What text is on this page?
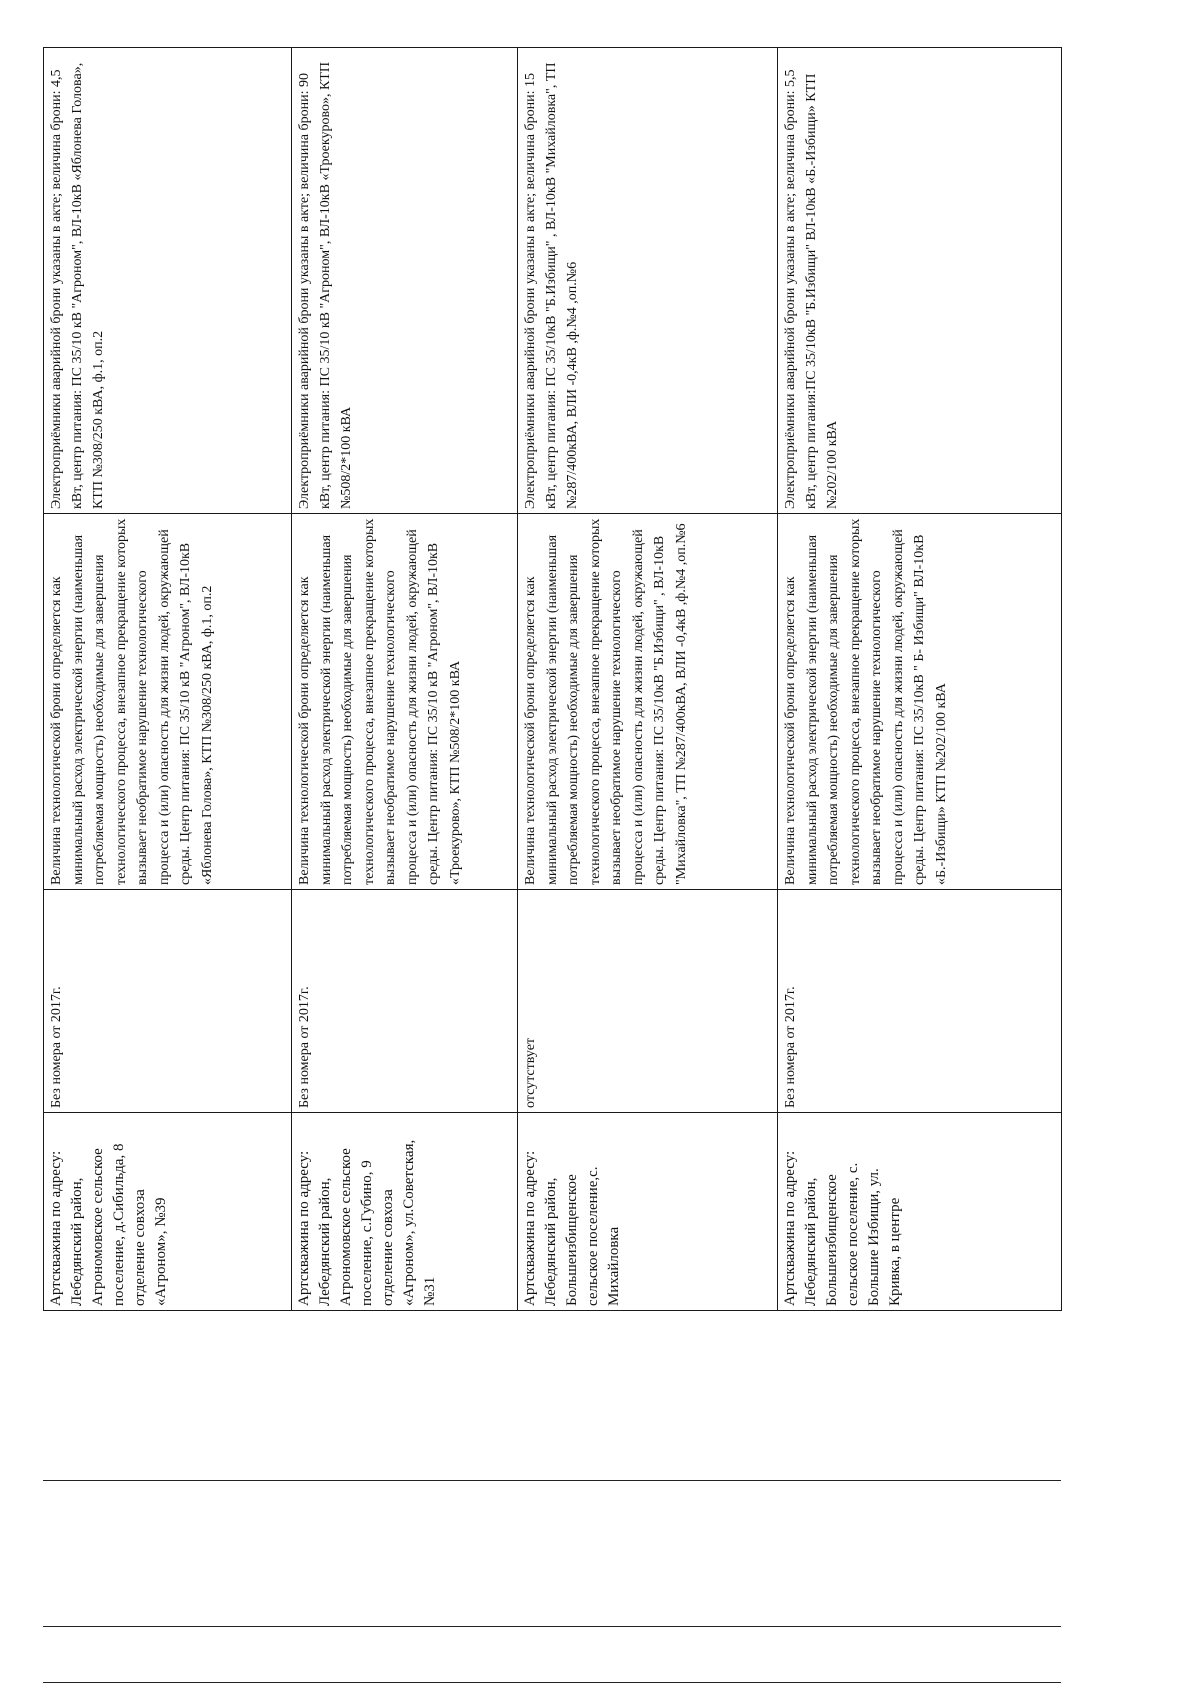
Артскважина по адресу: Лебедянский район, Агрономовское сельское поселение, д.Сибильда, 8 отделение совхоза «Агроном», №39	Без номера от 2017г.	Величина технологической брони определяется как минимальный расход электрической энергии (наименьшая потребляемая мощность) необходимые для завершения технологического процесса, внезапное прекращение которых вызывает необратимое нарушение технологического процесса и (или) опасность для жизни людей, окружающей среды. Центр питания: ПС 35/10 кВ "Агроном", ВЛ-10кВ «Яблонева Голова», КТП №308/250 кВА, ф.1, оп.2	Электроприёмники аварийной брони указаны в акте; величина брони: 4,5 кВт, центр питания: ПС 35/10 кВ "Агроном", ВЛ-10кВ «Яблонева Голова», КТП №308/250 кВА, ф.1, оп.2
Артскважина по адресу: Лебедянский район, Агрономовское сельское поселение, с.Губино, 9 отделение совхоза «Агроном», ул.Советская, №31	Без номера от 2017г.	Величина технологической брони определяется как минимальный расход электрической энергии (наименьшая потребляемая мощность) необходимые для завершения технологического процесса, внезапное прекращение которых вызывает необратимое нарушение технологического процесса и (или) опасность для жизни людей, окружающей среды. Центр питания: ПС 35/10 кВ "Агроном", ВЛ-10кВ «Троекурово», КТП №508/2*100 кВА	Электроприёмники аварийной брони указаны в акте; величина брони: 90 кВт, центр питания: ПС 35/10 кВ "Агроном", ВЛ-10кВ «Троекурово», КТП №508/2*100 кВА
Артскважина по адресу: Лебедянский район, Большеизбищенское сельское поселение,с. Михайловка	отсутствует	Величина технологической брони определяется как минимальный расход электрической энергии (наименьшая потребляемая мощность) необходимые для завершения технологического процесса, внезапное прекращение которых вызывает необратимое нарушение технологического процесса и (или) опасность для жизни людей, окружающей среды. Центр питания: ПС 35/10кВ "Б.Избищи" , ВЛ-10кВ "Михайловка", ТП №287/400кВА, ВЛИ -0,4кВ ,ф.№4 ,оп.№6	Электроприёмники аварийной брони указаны в акте; величина брони: 15 кВт, центр питания: ПС 35/10кВ "Б.Избищи" , ВЛ-10кВ "Михайловка", ТП №287/400кВА, ВЛИ -0,4кВ ,ф.№4 ,оп.№6
Артскважина по адресу: Лебедянский район, Большеизбищенское сельское поселение, с. Большие Избищи, ул. Кривка, в центре	Без номера от 2017г.	Величина технологической брони определяется как минимальный расход электрической энергии (наименьшая потребляемая мощность) необходимые для завершения технологического процесса, внезапное прекращение которых вызывает необратимое нарушение технологического процесса и (или) опасность для жизни людей, окружающей среды. Центр питания: ПС 35/10кВ " Б- Избищи" ВЛ-10кВ «Б.-Избищи» КТП №202/100 кВА	Электроприёмники аварийной брони указаны в акте; величина брони: 5,5 кВт, центр питания:ПС 35/10кВ "Б.Избищи" ВЛ-10кВ «Б.-Избищи» КТП №202/100 кВА
